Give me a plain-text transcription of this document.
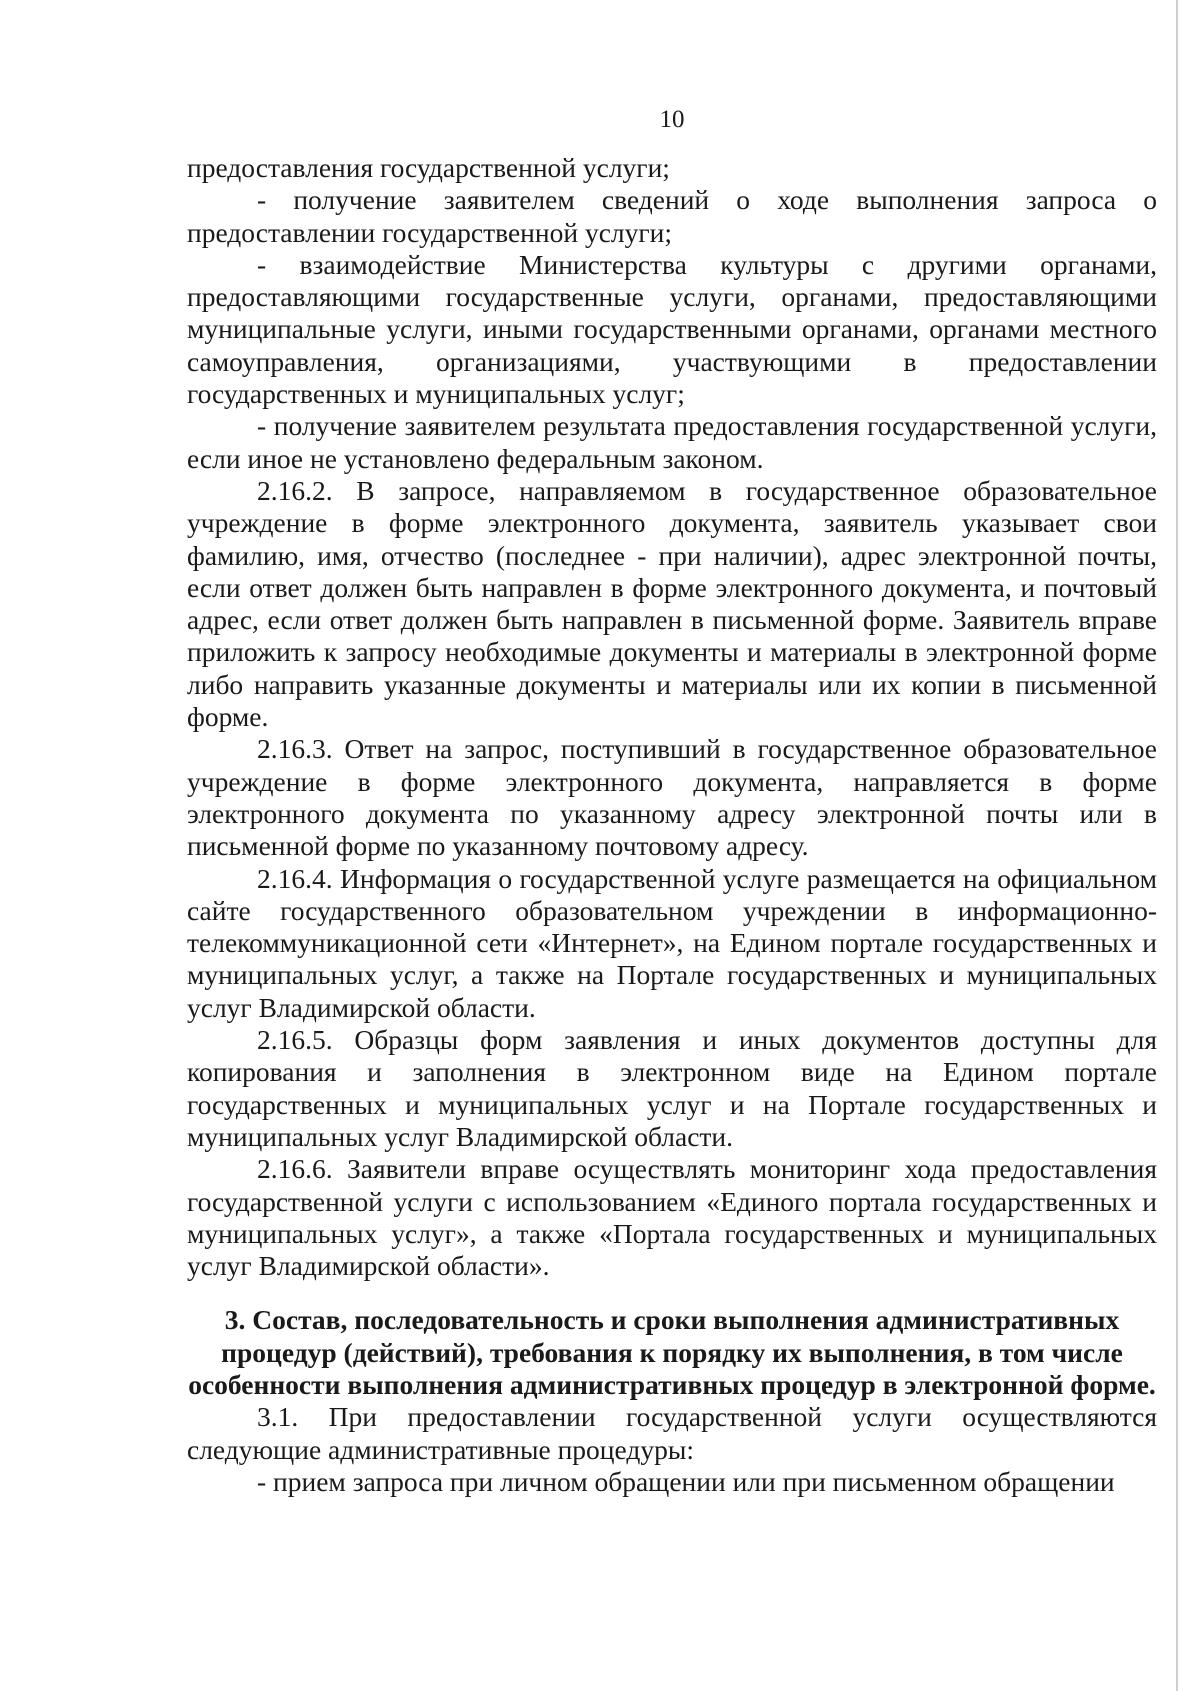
10

предоставления государственной услуги;

- получение заявителем сведений о ходе выполнения запроса о предоставлении государственной услуги;

- взаимодействие Министерства культуры с другими органами, предоставляющими государственные услуги, органами, предоставляющими муниципальные услуги, иными государственными органами, органами местного самоуправления, организациями, участвующими в предоставлении государственных и муниципальных услуг;

- получение заявителем результата предоставления государственной услуги, если иное не установлено федеральным законом.

2.16.2. В запросе, направляемом в государственное образовательное учреждение в форме электронного документа, заявитель указывает свои фамилию, имя, отчество (последнее - при наличии), адрес электронной почты, если ответ должен быть направлен в форме электронного документа, и почтовый адрес, если ответ должен быть направлен в письменной форме. Заявитель вправе приложить к запросу необходимые документы и материалы в электронной форме либо направить указанные документы и материалы или их копии в письменной форме.

2.16.3. Ответ на запрос, поступивший в государственное образовательное учреждение в форме электронного документа, направляется в форме электронного документа по указанному адресу электронной почты или в письменной форме по указанному почтовому адресу.

2.16.4. Информация о государственной услуге размещается на официальном сайте государственного образовательном учреждении в информационно-телекоммуникационной сети «Интернет», на Едином портале государственных и муниципальных услуг, а также на Портале государственных и муниципальных услуг Владимирской области.

2.16.5. Образцы форм заявления и иных документов доступны для копирования и заполнения в электронном виде на Едином портале государственных и муниципальных услуг и на Портале государственных и муниципальных услуг Владимирской области.

2.16.6. Заявители вправе осуществлять мониторинг хода предоставления государственной услуги с использованием «Единого портала государственных и муниципальных услуг», а также «Портала государственных и муниципальных услуг Владимирской области».

3. Состав, последовательность и сроки выполнения административных процедур (действий), требования к порядку их выполнения, в том числе особенности выполнения административных процедур в электронной форме.

3.1. При предоставлении государственной услуги осуществляются следующие административные процедуры:

- прием запроса при личном обращении или при письменном обращении
